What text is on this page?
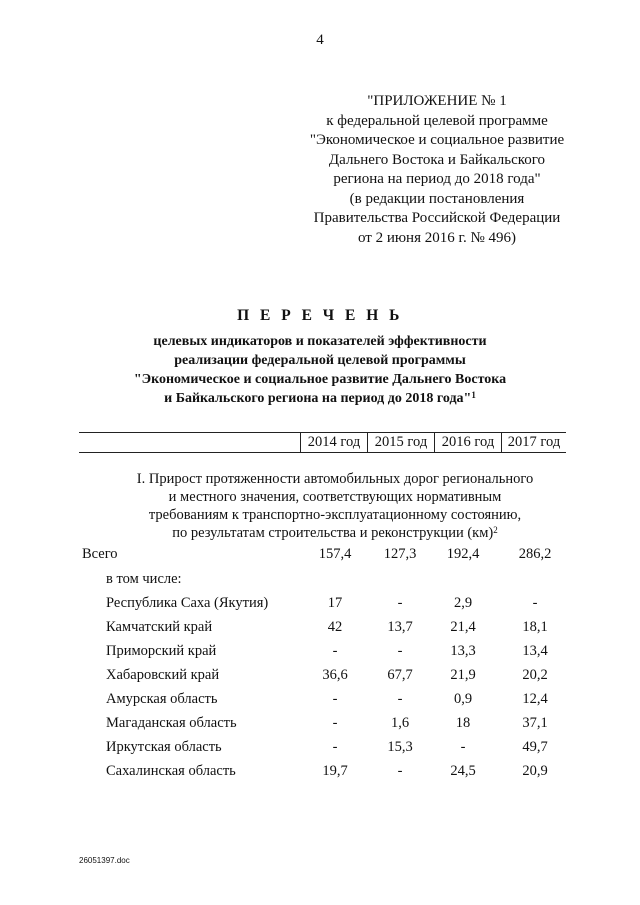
4
"ПРИЛОЖЕНИЕ № 1
к федеральной целевой программе
"Экономическое и социальное развитие
Дальнего Востока и Байкальского
региона на период до 2018 года"
(в редакции постановления
Правительства Российской Федерации
от 2 июня 2016 г. № 496)
П Е Р Е Ч Е Н Ь
целевых индикаторов и показателей эффективности
реализации федеральной целевой программы
"Экономическое и социальное развитие Дальнего Востока
и Байкальского региона на период до 2018 года"$^1$
2014 год	2015 год	2016 год 2017 год
I. Прирост протяженности автомобильных дорог регионального
и местного значения, соответствующих нормативным
требованиям к транспортно-эксплуатационному состоянию,
по результатам строительства и реконструкции (км)$^2$
Всего	157,4	127,3	192,4	286,2
в том числе:
Республика Саха (Якутия)	17	-	2,9	-
Камчатский край	42	13,7	21,4	18,1
Приморский край	-	-	13,3	13,4
Хабаровский край	36,6	67,7	21,9	20,2
Амурская область	-	-	0,9	12,4
Магаданская область	-	1,6	18	37,1
Иркутская область	-	15,3	-	49,7
Сахалинская область	19,7	-	24,5	20,9
26051397.doc
